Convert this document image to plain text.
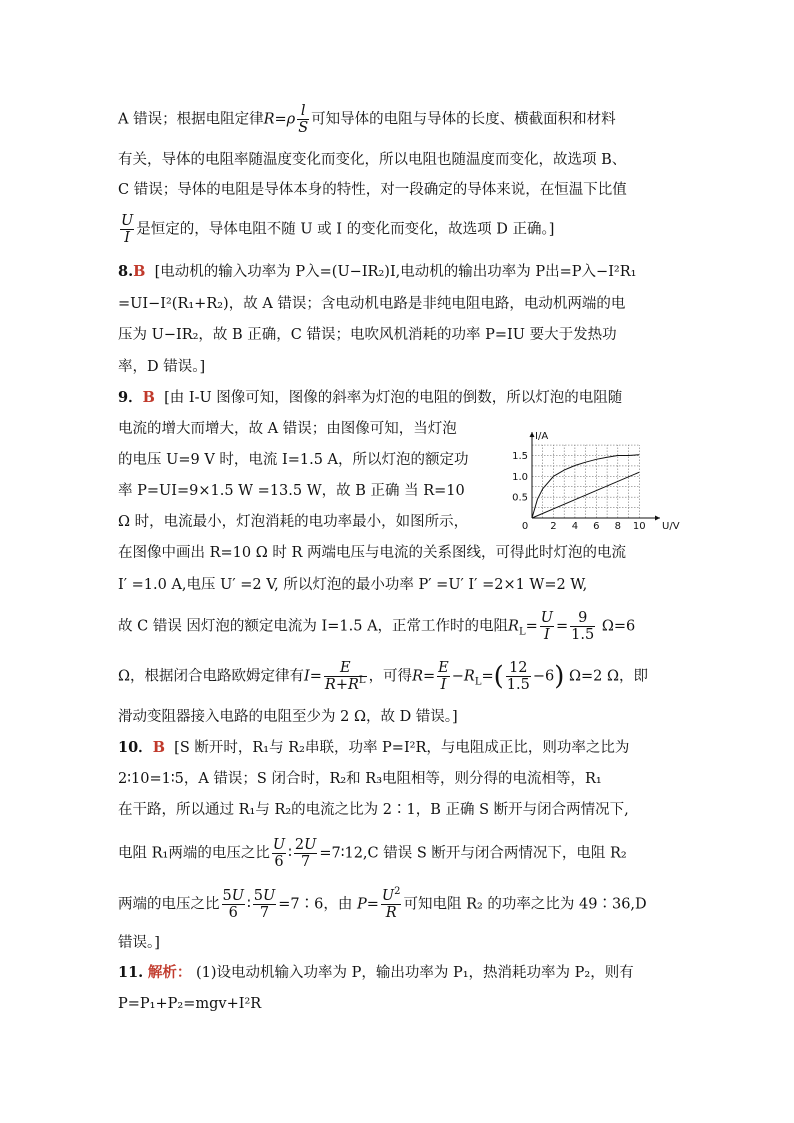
A 错误；根据电阻定律$R=\rho \frac{l}{S}$ 可知导体的电阻与导体的长度、横截面积和材料
有关，导体的电阻率随温度变化而变化，所以电阻也随温度而变化，故选项 B、
C 错误；导体的电阻是导体本身的特性，对一段确定的导体来说，在恒温下比值
$\frac{U}{I}$ 是恒定的，导体电阻不随 U 或 I 的变化而变化，故选项 D 正确。]
8.B [电动机的输入功率为 P入=(U−IR₂)I,电动机的输出功率为 P出=P入−I²R₁
=UI−I²(R₁+R₂)，故 A 错误；含电动机电路是非纯电阻电路，电动机两端的电
压为 U−IR₂，故 B 正确，C 错误；电吹风机消耗的功率 P=IU 要大于发热功
率，D 错误。]
9．B [由 I-U 图像可知，图像的斜率为灯泡的电阻的倒数，所以灯泡的电阻随
电流的增大而增大，故 A 错误；由图像可知，当灯泡
的电压 U=9 V 时，电流 I=1.5 A，所以灯泡的额定功
率 P=UI=9×1.5 W =13.5 W，故 B 正确 当 R=10
Ω 时，电流最小，灯泡消耗的电功率最小，如图所示，
在图像中画出 R=10 Ω 时 R 两端电压与电流的关系图线，可得此时灯泡的电流
I′ =1.0 A,电压 U′ =2 V, 所以灯泡的最小功率 P′ =U′ I′ =2×1 W=2 W,
故 C 错误 因灯泡的额定电流为 I=1.5 A，正常工作时的电阻$R_L= \frac{U}{I} = \frac{9}{1.5} \Omega=6$
Ω，根据闭合电路欧姆定律有$I= \frac{E}{R+R^L}$ ，可得$R= \frac{E}{I} -R_L=( \frac{12}{1.5} -6)$ Ω=2 Ω，即
滑动变阻器接入电路的电阻至少为 2 Ω，故 D 错误。]
10．B [S 断开时，R₁与 R₂串联，功率 P=I²R，与电阻成正比，则功率之比为
2∶10=1∶5，A 错误；S 闭合时，R₂和 R₃电阻相等，则分得的电流相等，R₁
在干路，所以通过 R₁与 R₂的电流之比为 2∶1，B 正确 S 断开与闭合两情况下,
电阻 R₁两端的电压之比 $\frac{U}{6}$ ∶ $\frac{2U}{7}$ =7∶12,C 错误 S 断开与闭合两情况下，电阻 R₂
两端的电压之比 $\frac{5U}{6}$ ∶ $\frac{5U}{7}$ =7∶6，由 $P= \frac{U^2}{R}$ 可知电阻 R₂ 的功率之比为 49∶36,D
错误。]
11. 解析： (1)设电动机输入功率为 P，输出功率为 P₁，热消耗功率为 P₂，则有
P=P₁+P₂=mgv+I²R
0 2 4 6 8 10
0.5
1.0
1.5
I/A
U/V
